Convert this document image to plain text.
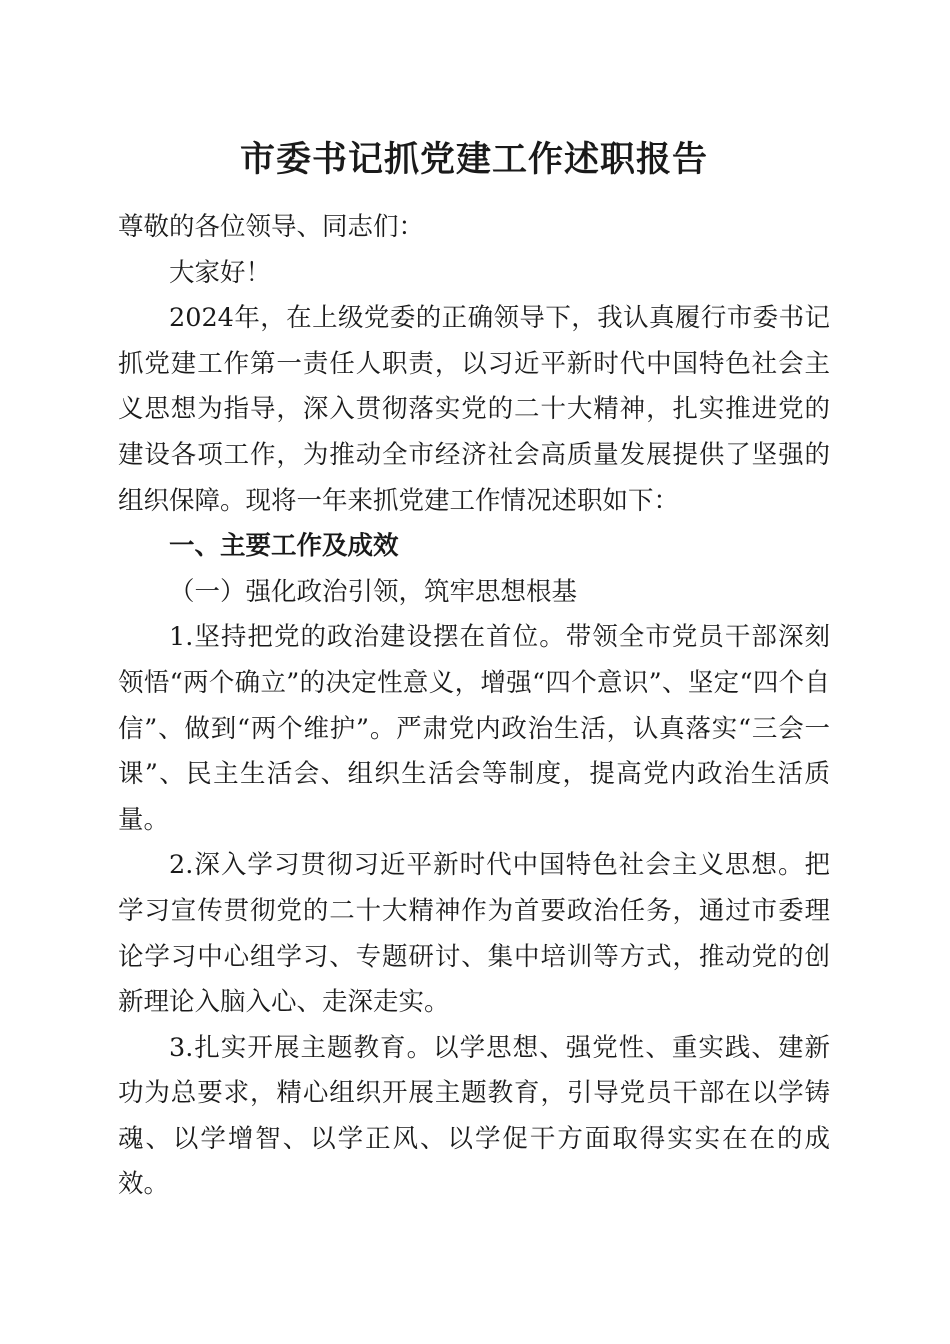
市委书记抓党建工作述职报告

尊敬的各位领导、同志们：

大家好！

2024年，在上级党委的正确领导下，我认真履行市委书记抓党建工作第一责任人职责，以习近平新时代中国特色社会主义思想为指导，深入贯彻落实党的二十大精神，扎实推进党的建设各项工作，为推动全市经济社会高质量发展提供了坚强的组织保障。现将一年来抓党建工作情况述职如下：

一、主要工作及成效

（一）强化政治引领，筑牢思想根基

1.坚持把党的政治建设摆在首位。带领全市党员干部深刻领悟“两个确立”的决定性意义，增强“四个意识”、坚定“四个自信”、做到“两个维护”。严肃党内政治生活，认真落实“三会一课”、民主生活会、组织生活会等制度，提高党内政治生活质量。

2.深入学习贯彻习近平新时代中国特色社会主义思想。把学习宣传贯彻党的二十大精神作为首要政治任务，通过市委理论学习中心组学习、专题研讨、集中培训等方式，推动党的创新理论入脑入心、走深走实。

3.扎实开展主题教育。以学思想、强党性、重实践、建新功为总要求，精心组织开展主题教育，引导党员干部在以学铸魂、以学增智、以学正风、以学促干方面取得实实在在的成效。
